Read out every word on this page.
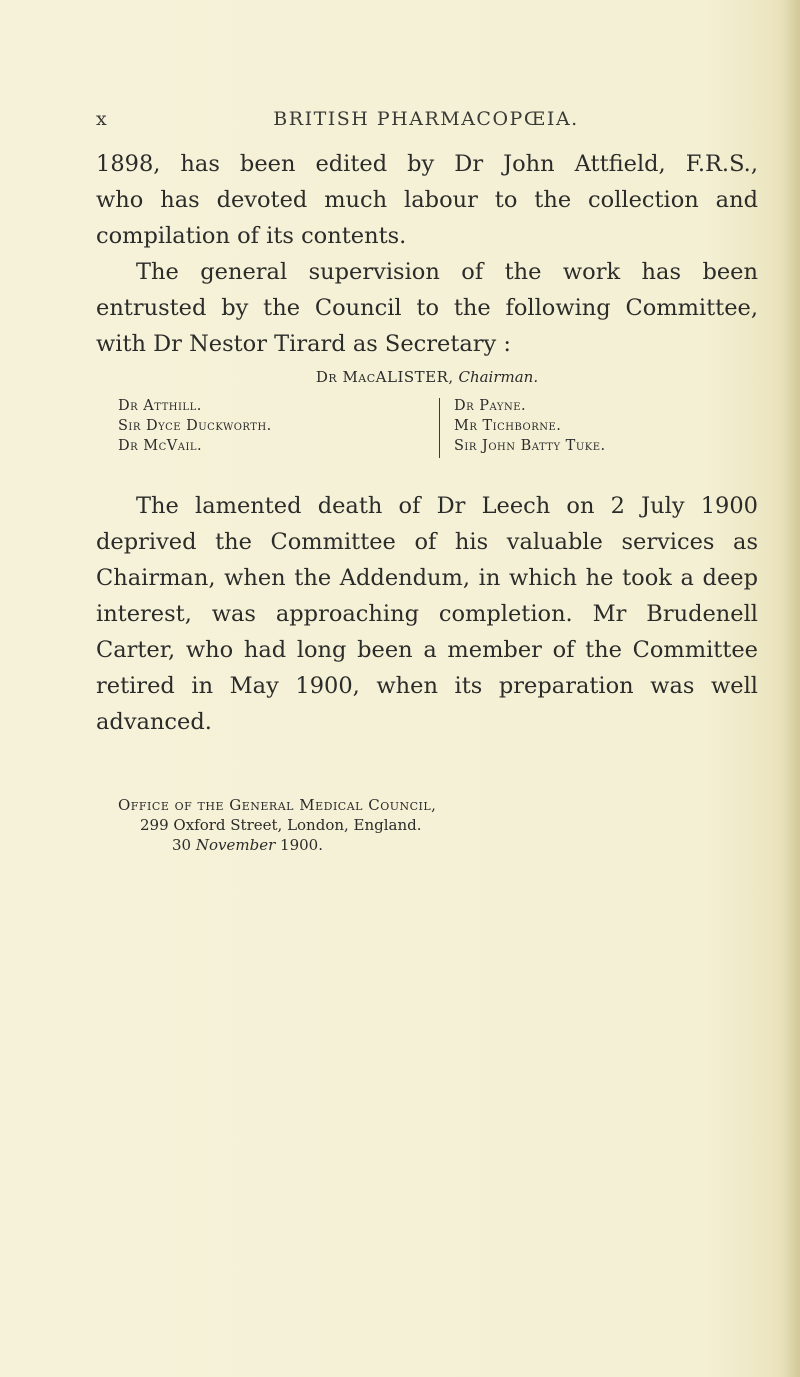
x	BRITISH PHARMACOPŒIA.
1898, has been edited by Dr John Attfield, F.R.S.,
who has devoted much labour to the collection and
compilation of its contents.
The general supervision of the work has been
entrusted by the Council to the following Committee,
with Dr Nestor Tirard as Secretary :
Dr MacALISTER, Chairman.
Dr Atthill.
Sir Dyce Duckworth.
Dr McVail.
Dr Payne.
Mr Tichborne.
Sir John Batty Tuke.
The lamented death of Dr Leech on 2 July 1900
deprived the Committee of his valuable services as
Chairman, when the Addendum, in which he took a deep
interest, was approaching completion. Mr Brudenell
Carter, who had long been a member of the Committee
retired in May 1900, when its preparation was well
advanced.
Office of the General Medical Council,
299 Oxford Street, London, England.
30 November 1900.
